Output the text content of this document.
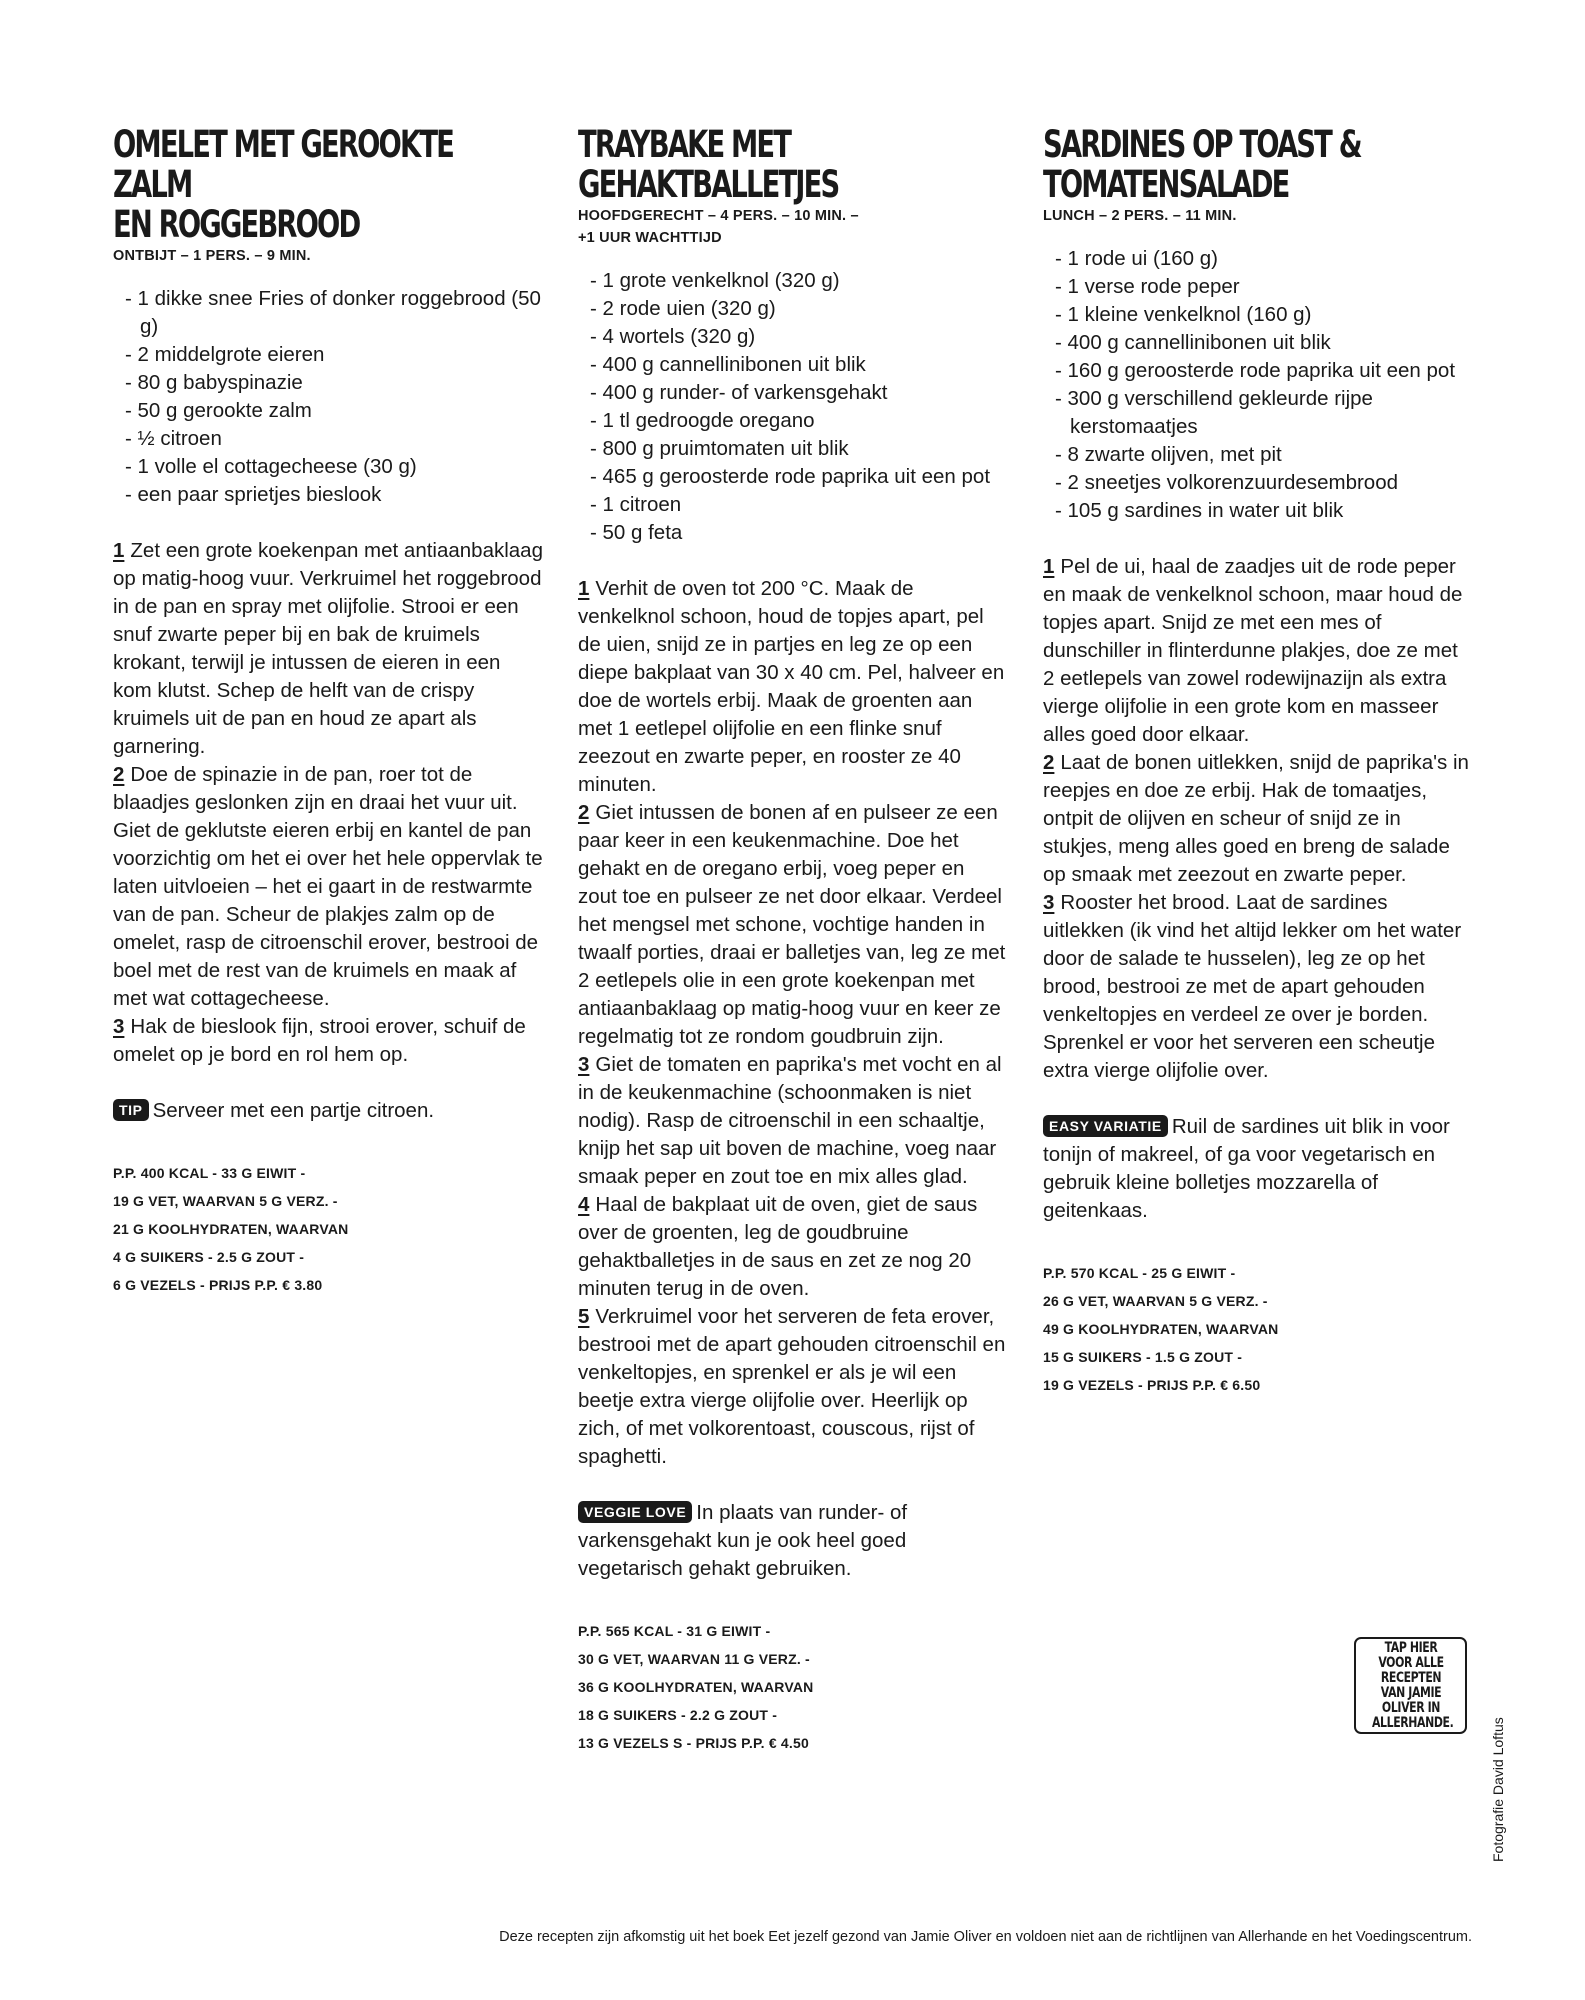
OMELET MET GEROOKTE ZALM
EN ROGGEBROOD
ONTBIJT – 1 PERS. – 9 MIN.
- 1 dikke snee Fries of donker roggebrood (50 g)
- 2 middelgrote eieren
- 80 g babyspinazie
- 50 g gerookte zalm
- ½ citroen
- 1 volle el cottagecheese (30 g)
- een paar sprietjes bieslook

1 Zet een grote koekenpan met antiaanbaklaag op matig-hoog vuur. Verkruimel het roggebrood in de pan en spray met olijfolie. Strooi er een snuf zwarte peper bij en bak de kruimels krokant, terwijl je intussen de eieren in een kom klutst. Schep de helft van de crispy kruimels uit de pan en houd ze apart als garnering.

2 Doe de spinazie in de pan, roer tot de blaadjes geslonken zijn en draai het vuur uit. Giet de geklutste eieren erbij en kantel de pan voorzichtig om het ei over het hele oppervlak te laten uitvloeien – het ei gaart in de restwarmte van de pan. Scheur de plakjes zalm op de omelet, rasp de citroenschil erover, bestrooi de boel met de rest van de kruimels en maak af met wat cottagecheese.

3 Hak de bieslook fijn, strooi erover, schuif de omelet op je bord en rol hem op.

TIP Serveer met een partje citroen.
P.P. 400 KCAL - 33 G EIWIT -
19 G VET, WAARVAN 5 G VERZ. -
21 G KOOLHYDRATEN, WAARVAN
4 G SUIKERS - 2.5 G ZOUT -
6 G VEZELS - PRIJS P.P. € 3.80
TRAYBAKE MET
GEHAKTBALLETJES
HOOFDGERECHT – 4 PERS. – 10 MIN. –
+1 UUR WACHTTIJD
- 1 grote venkelknol (320 g)
- 2 rode uien (320 g)
- 4 wortels (320 g)
- 400 g cannellinibonen uit blik
- 400 g runder- of varkensgehakt
- 1 tl gedroogde oregano
- 800 g pruimtomaten uit blik
- 465 g geroosterde rode paprika uit een pot
- 1 citroen
- 50 g feta

1 Verhit de oven tot 200 °C. Maak de venkelknol schoon, houd de topjes apart, pel de uien, snijd ze in partjes en leg ze op een diepe bakplaat van 30 x 40 cm. Pel, halveer en doe de wortels erbij. Maak de groenten aan met 1 eetlepel olijfolie en een flinke snuf zeezout en zwarte peper, en rooster ze 40 minuten.

2 Giet intussen de bonen af en pulseer ze een paar keer in een keukenmachine. Doe het gehakt en de oregano erbij, voeg peper en zout toe en pulseer ze net door elkaar. Verdeel het mengsel met schone, vochtige handen in twaalf porties, draai er balletjes van, leg ze met 2 eetlepels olie in een grote koekenpan met antiaanbaklaag op matig-hoog vuur en keer ze regelmatig tot ze rondom goudbruin zijn.

3 Giet de tomaten en paprika's met vocht en al in de keukenmachine (schoonmaken is niet nodig). Rasp de citroenschil in een schaaltje, knijp het sap uit boven de machine, voeg naar smaak peper en zout toe en mix alles glad.

4 Haal de bakplaat uit de oven, giet de saus over de groenten, leg de goudbruine gehaktballetjes in de saus en zet ze nog 20 minuten terug in de oven.

5 Verkruimel voor het serveren de feta erover, bestrooi met de apart gehouden citroenschil en venkeltopjes, en sprenkel er als je wil een beetje extra vierge olijfolie over. Heerlijk op zich, of met volkorentoast, couscous, rijst of spaghetti.

VEGGIE LOVE In plaats van runder- of varkensgehakt kun je ook heel goed vegetarisch gehakt gebruiken.
P.P. 565 KCAL - 31 G EIWIT -
30 G VET, WAARVAN 11 G VERZ. -
36 G KOOLHYDRATEN, WAARVAN
18 G SUIKERS - 2.2 G ZOUT -
13 G VEZELS S - PRIJS P.P. € 4.50
SARDINES OP TOAST &
TOMATENSALADE
LUNCH – 2 PERS. – 11 MIN.
- 1 rode ui (160 g)
- 1 verse rode peper
- 1 kleine venkelknol (160 g)
- 400 g cannellinibonen uit blik
- 160 g geroosterde rode paprika uit een pot
- 300 g verschillend gekleurde rijpe kerstomaatjes
- 8 zwarte olijven, met pit
- 2 sneetjes volkorenzuurdesembrood
- 105 g sardines in water uit blik

1 Pel de ui, haal de zaadjes uit de rode peper en maak de venkelknol schoon, maar houd de topjes apart. Snijd ze met een mes of dunschiller in flinterdunne plakjes, doe ze met 2 eetlepels van zowel rodewijnazijn als extra vierge olijfolie in een grote kom en masseer alles goed door elkaar.

2 Laat de bonen uitlekken, snijd de paprika's in reepjes en doe ze erbij. Hak de tomaatjes, ontpit de olijven en scheur of snijd ze in stukjes, meng alles goed en breng de salade op smaak met zeezout en zwarte peper.

3 Rooster het brood. Laat de sardines uitlekken (ik vind het altijd lekker om het water door de salade te husselen), leg ze op het brood, bestrooi ze met de apart gehouden venkeltopjes en verdeel ze over je borden. Sprenkel er voor het serveren een scheutje extra vierge olijfolie over.

EASY VARIATIE Ruil de sardines uit blik in voor tonijn of makreel, of ga voor vegetarisch en gebruik kleine bolletjes mozzarella of geitenkaas.
P.P. 570 KCAL - 25 G EIWIT -
26 G VET, WAARVAN 5 G VERZ. -
49 G KOOLHYDRATEN, WAARVAN
15 G SUIKERS - 1.5 G ZOUT -
19 G VEZELS - PRIJS P.P. € 6.50
TAP HIER VOOR ALLE RECEPTEN VAN JAMIE OLIVER IN ALLERHANDE.	Fotografie David Loftus
Deze recepten zijn afkomstig uit het boek Eet jezelf gezond van Jamie Oliver en voldoen niet aan de richtlijnen van Allerhande en het Voedingscentrum.
